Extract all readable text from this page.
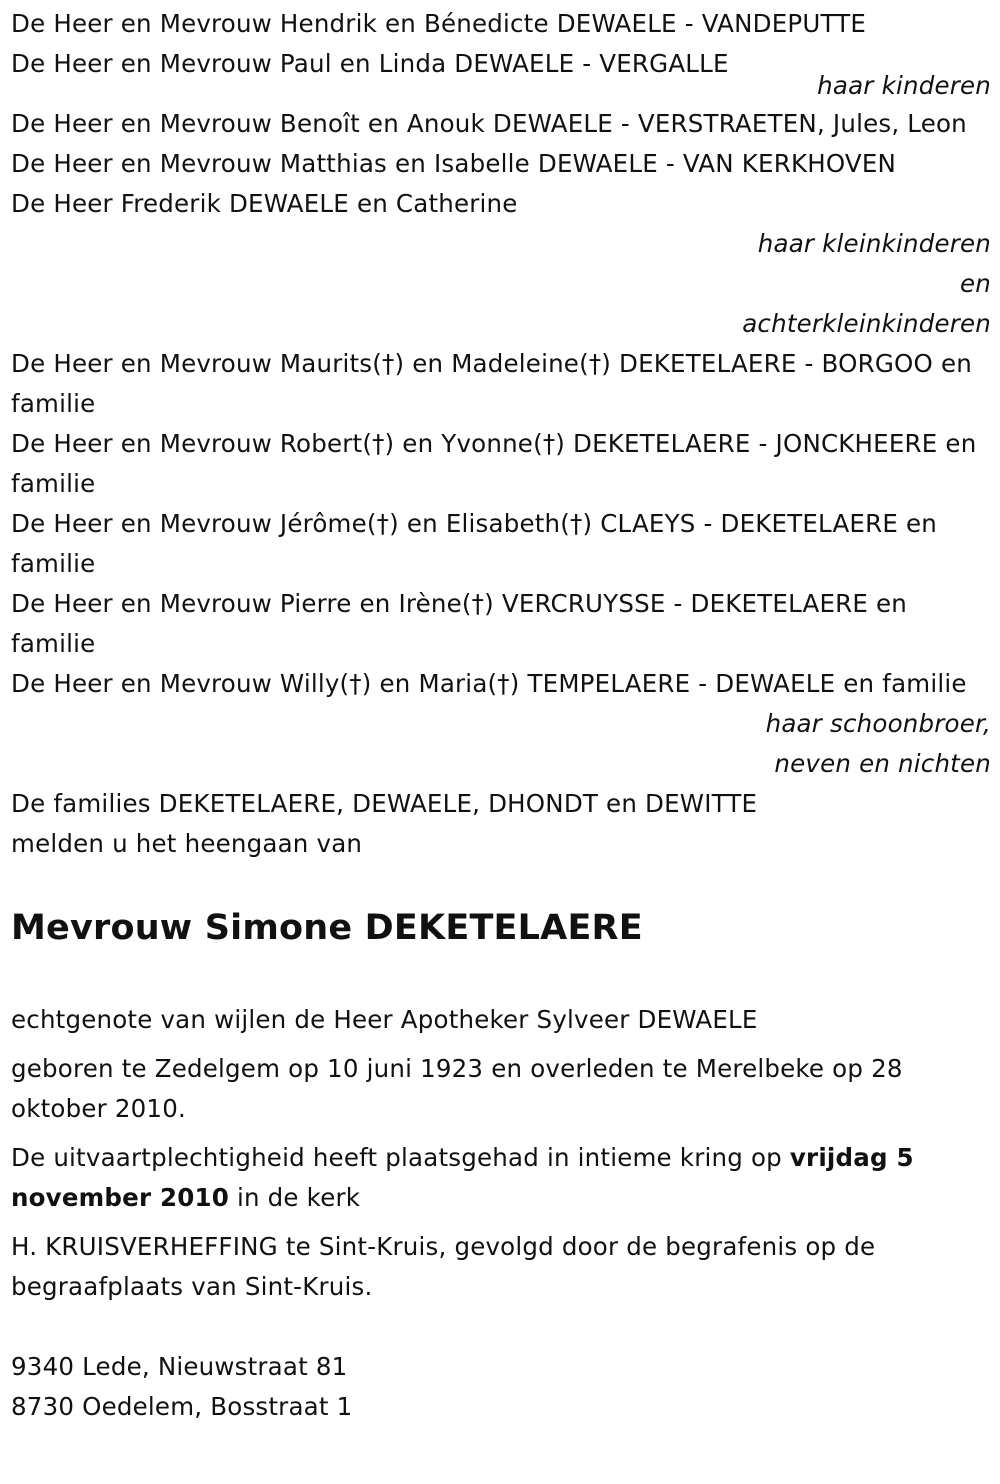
De Heer en Mevrouw Hendrik en Bénedicte DEWAELE - VANDEPUTTE

De Heer en Mevrouw Paul en Linda DEWAELE - VERGALLE

haar kinderen

De Heer en Mevrouw Benoît en Anouk DEWAELE - VERSTRAETEN, Jules, Leon

De Heer en Mevrouw Matthias en Isabelle DEWAELE - VAN KERKHOVEN

De Heer Frederik DEWAELE en Catherine

haar kleinkinderen

en

achterkleinkinderen

De Heer en Mevrouw Maurits(†) en Madeleine(†) DEKETELAERE - BORGOO en familie

De Heer en Mevrouw Robert(†) en Yvonne(†) DEKETELAERE - JONCKHEERE en familie

De Heer en Mevrouw Jérôme(†) en Elisabeth(†) CLAEYS - DEKETELAERE en familie

De Heer en Mevrouw Pierre en Irène(†) VERCRUYSSE - DEKETELAERE en familie

De Heer en Mevrouw Willy(†) en Maria(†) TEMPELAERE - DEWAELE en familie

haar schoonbroer,

neven en nichten

De families DEKETELAERE, DEWAELE, DHONDT en DEWITTE

melden u het heengaan van

Mevrouw Simone DEKETELAERE

echtgenote van wijlen de Heer Apotheker Sylveer DEWAELE

geboren te Zedelgem op 10 juni 1923 en overleden te Merelbeke op 28 oktober 2010.

De uitvaartplechtigheid heeft plaatsgehad in intieme kring op vrijdag 5 november 2010 in de kerk

H. KRUISVERHEFFING te Sint-Kruis, gevolgd door de begrafenis op de begraafplaats van Sint-Kruis.

9340 Lede, Nieuwstraat 81

8730 Oedelem, Bosstraat 1
